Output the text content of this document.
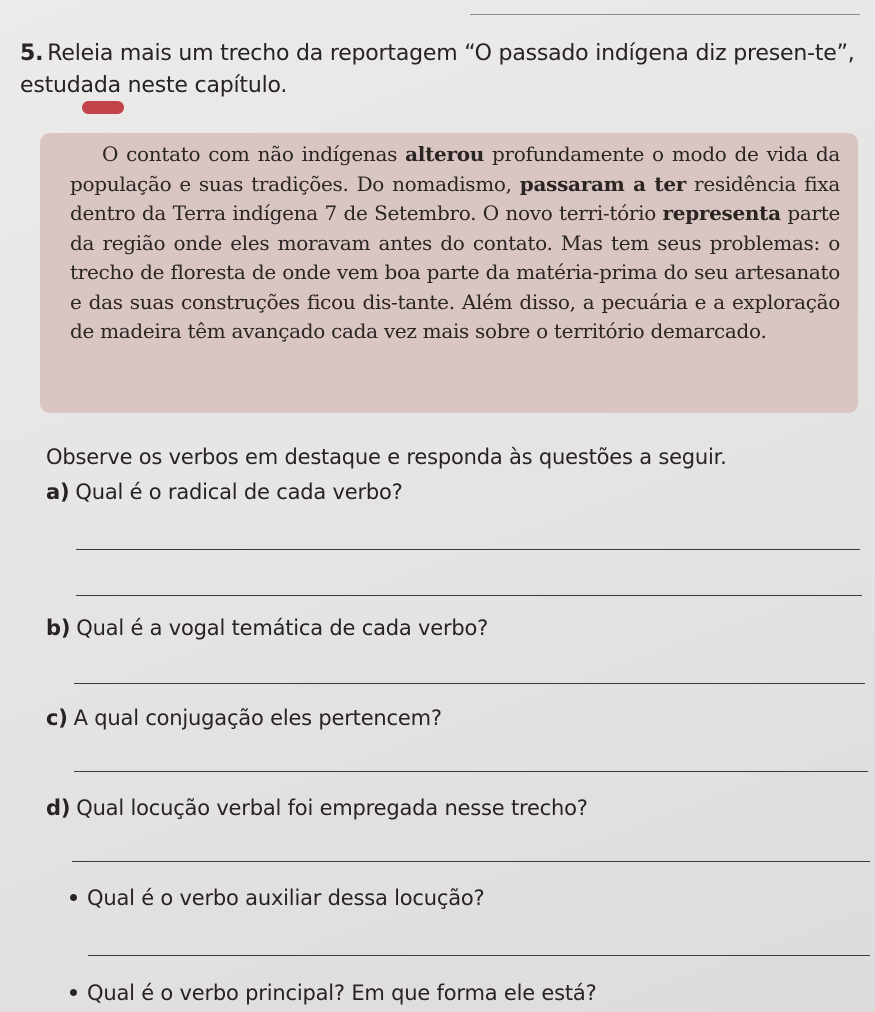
5. Releia mais um trecho da reportagem “O passado indígena diz presen-te”, estudada neste capítulo.

O contato com não indígenas alterou profundamente o modo de vida da população e suas tradições. Do nomadismo, passaram a ter residência fixa dentro da Terra indígena 7 de Setembro. O novo terri-tório representa parte da região onde eles moravam antes do contato. Mas tem seus problemas: o trecho de floresta de onde vem boa parte da matéria-prima do seu artesanato e das suas construções ficou dis-tante. Além disso, a pecuária e a exploração de madeira têm avançado cada vez mais sobre o território demarcado.

Observe os verbos em destaque e responda às questões a seguir.
a) Qual é o radical de cada verbo?
b) Qual é a vogal temática de cada verbo?
c) A qual conjugação eles pertencem?
d) Qual locução verbal foi empregada nesse trecho?
Qual é o verbo auxiliar dessa locução?
Qual é o verbo principal? Em que forma ele está?
